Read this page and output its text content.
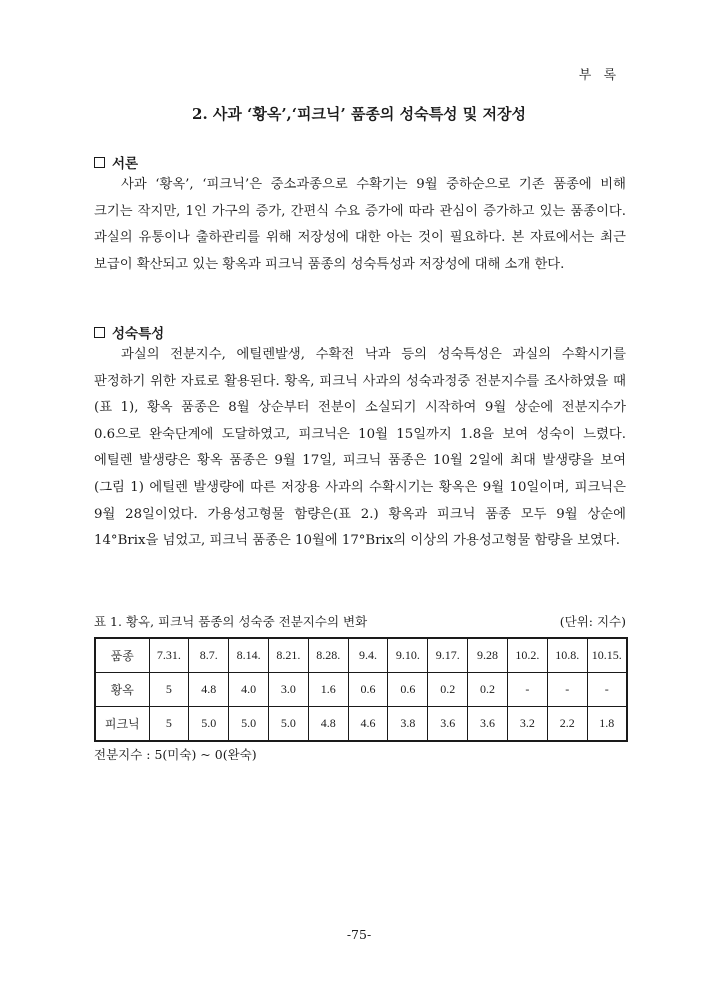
부 록
2. 사과 ‘황옥’,‘피크닉’ 품종의 성숙특성 및 저장성
서론

사과 ‘황옥’, ‘피크닉’은 중소과종으로 수확기는 9월 중하순으로 기존 품종에 비해 크기는 작지만, 1인 가구의 증가, 간편식 수요 증가에 따라 관심이 증가하고 있는 품종이다. 과실의 유통이나 출하관리를 위해 저장성에 대한 아는 것이 필요하다. 본 자료에서는 최근 보급이 확산되고 있는 황옥과 피크닉 품종의 성숙특성과 저장성에 대해 소개 한다.

성숙특성

과실의 전분지수, 에틸렌발생, 수확전 낙과 등의 성숙특성은 과실의 수확시기를 판정하기 위한 자료로 활용된다. 황옥, 피크닉 사과의 성숙과정중 전분지수를 조사하였을 때(표 1), 황옥 품종은 8월 상순부터 전분이 소실되기 시작하여 9월 상순에 전분지수가 0.6으로 완숙단계에 도달하였고, 피크닉은 10월 15일까지 1.8을 보여 성숙이 느렸다. 에틸렌 발생량은 황옥 품종은 9월 17일, 피크닉 품종은 10월 2일에 최대 발생량을 보여(그림 1) 에틸렌 발생량에 따른 저장용 사과의 수확시기는 황옥은 9월 10일이며, 피크닉은 9월 28일이었다. 가용성고형물 함량은(표 2.) 황옥과 피크닉 품종 모두 9월 상순에 14°Brix을 넘었고, 피크닉 품종은 10월에 17°Brix의 이상의 가용성고형물 함량을 보였다.

표 1. 황옥, 피크닉 품종의 성숙중 전분지수의 변화	(단위: 지수)
품종	7.31.	8.7.	8.14.	8.21.	8.28.	9.4.	9.10.	9.17.	9.28	10.2.	10.8.	10.15.
황옥	5	4.8	4.0	3.0	1.6	0.6	0.6	0.2	0.2	-	-	-
피크닉	5	5.0	5.0	5.0	4.8	4.6	3.8	3.6	3.6	3.2	2.2	1.8
전분지수 : 5(미숙) ~ 0(완숙)
-75-
